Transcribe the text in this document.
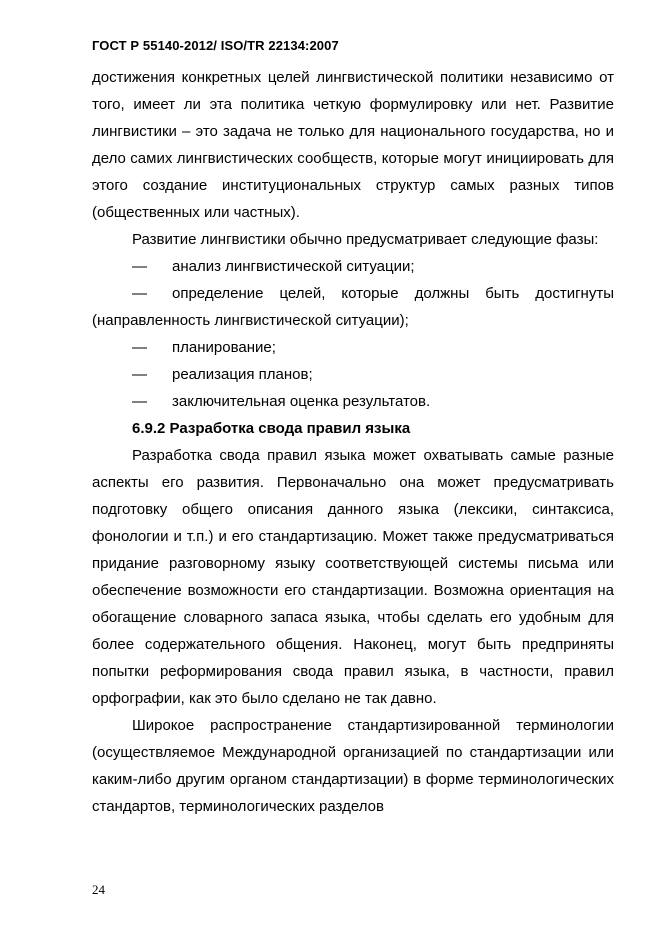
ГОСТ Р 55140-2012/ ISO/TR 22134:2007

достижения конкретных целей лингвистической политики независимо от того, имеет ли эта политика четкую формулировку или нет. Развитие лингвистики – это задача не только для национального государства, но и дело самих лингвистических сообществ, которые могут инициировать для этого создание институциональных структур самых разных типов (общественных или частных).

Развитие лингвистики обычно предусматривает следующие фазы:

—	анализ лингвистической ситуации;

—	определение целей, которые должны быть достигнуты (направленность лингвистической ситуации);

—	планирование;

—	реализация планов;

—	заключительная оценка результатов.

6.9.2 Разработка свода правил языка

Разработка свода правил языка может охватывать самые разные аспекты его развития. Первоначально она может предусматривать подготовку общего описания данного языка (лексики, синтаксиса, фонологии и т.п.) и его стандартизацию. Может также предусматриваться придание разговорному языку соответствующей системы письма или обеспечение возможности его стандартизации. Возможна ориентация на обогащение словарного запаса языка, чтобы сделать его удобным для более содержательного общения. Наконец, могут быть предприняты попытки реформирования свода правил языка, в частности, правил орфографии, как это было сделано не так давно.

Широкое распространение стандартизированной терминологии (осуществляемое Международной организацией по стандартизации или каким-либо другим органом стандартизации) в форме терминологических стандартов, терминологических разделов

24
